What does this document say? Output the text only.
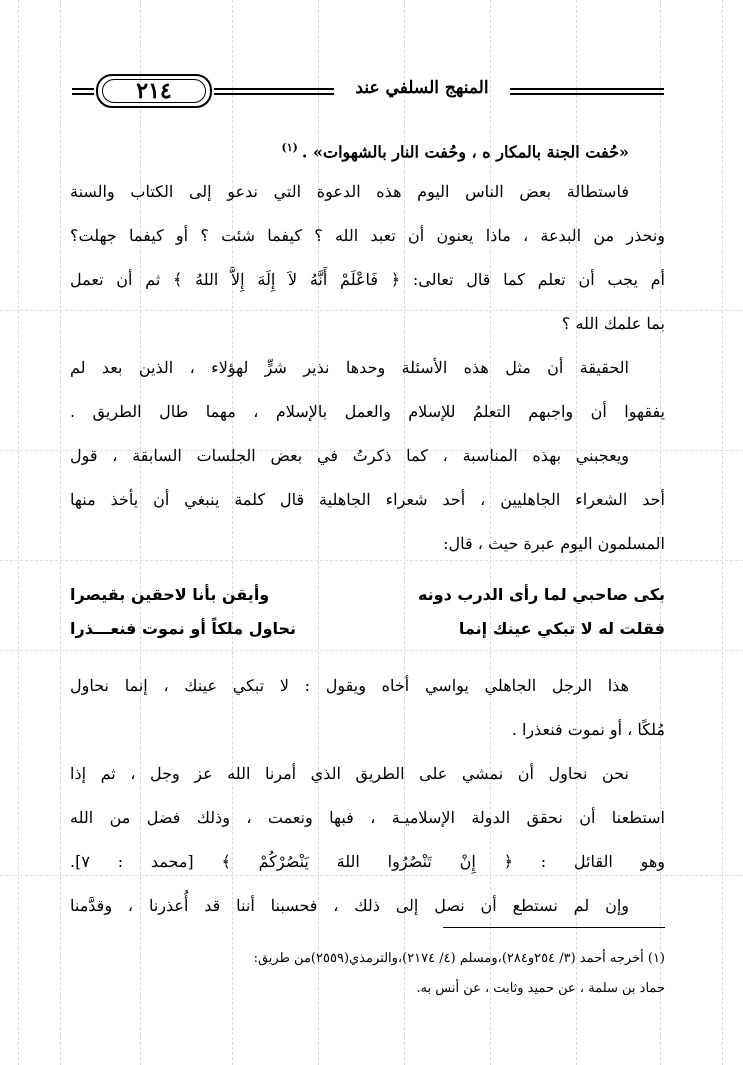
٢١٤	المنهج السلفي عند
«حُفت الجنة بالمكار ه ، وحُفت النار بالشهوات» .$^{(١)}$
فاستطالة بعض الناس اليوم هذه الدعوة التي ندعو إلى الكتاب والسنة
ونحذر من البدعة ، ماذا يعنون أن تعبد الله ؟ كيفما شئت ؟ أو كيفما جهلت؟
أم يجب أن تعلم كما قال تعالى: ﴿ فَاعْلَمْ أَنَّهُ لاَ إِلَهَ إِلاَّ اللهُ ﴾ ثم أن تعمل
بما علمك الله ؟
الحقيقة أن مثل هذه الأسئلة وحدها نذير شرٍّ لهؤلاء ، الذين بعد لم
يفقهوا أن واجبهم التعلمُ للإسلام والعمل بالإسلام ، مهما طال الطريق .
ويعجبني بهذه المناسبة ، كما ذكرتُ في بعض الجلسات السابقة ، قول
أحد الشعراء الجاهليين ، أحد شعراء الجاهلية قال كلمة ينبغي أن يأخذ منها
المسلمون اليوم عبرة حيث ، قال:
بكى صاحبي لما رأى الدرب دونه
وأيقن بأنا لاحقين بقيصرا
فقلت له لا تبكي عينك إنما
نحاول ملكاً أو نموت فنعـــذرا
هذا الرجل الجاهلي يواسي أخاه ويقول : لا تبكي عينك ، إنما نحاول
مُلكًا ، أو نموت فنعذرا .
نحن نحاول أن نمشي على الطريق الذي أمرنا الله عز وجل ، ثم إذا
استطعنا أن نحقق الدولة الإسلاميـة ، فبها ونعمت ، وذلك فضل من الله
وهو القائل : ﴿ إِنْ تَنْصُرُوا اللهَ يَنْصُرْكُمْ ﴾ [محمد : ٧].
وإن لم نستطع أن نصل إلى ذلك ، فحسبنا أننا قد أُعذرنا ، وقدَّمنا
(١) أخرجه أحمد (٣/ ٢٥٤و٢٨٤)،ومسلم (٤/ ٢١٧٤)،والترمذي(٢٥٥٩)من طريق:
حماد بن سلمة ، عن حميد وثابت ، عن أنس به.
